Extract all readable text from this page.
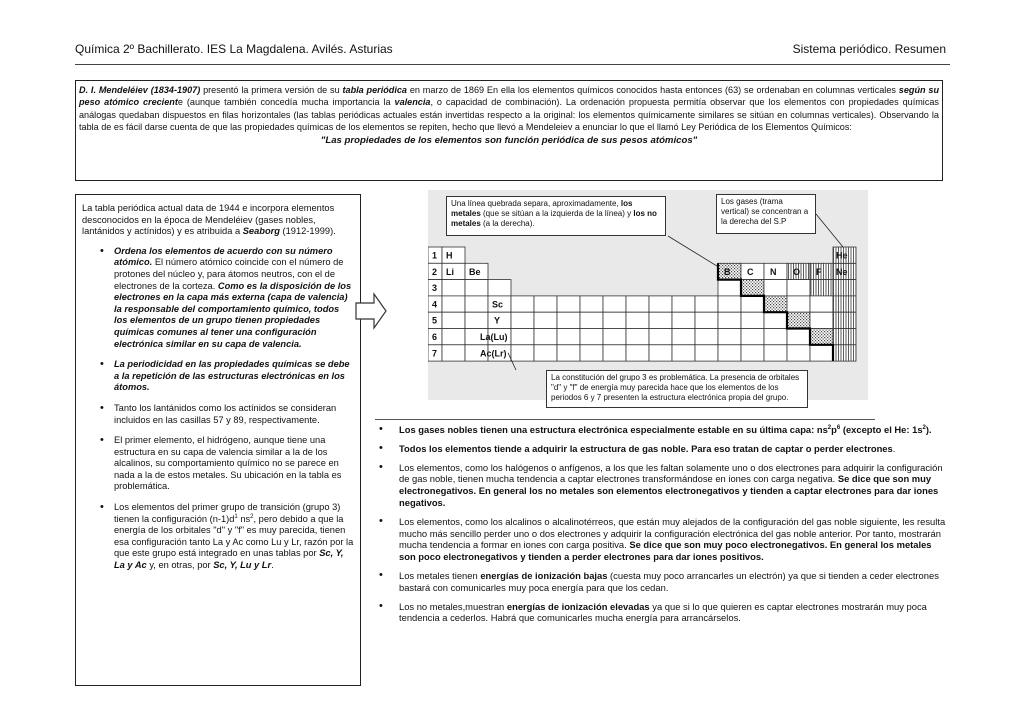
Química 2º Bachillerato. IES La Magdalena. Avilés. Asturias	Sistema periódico. Resumen
D. I. Mendeléiev (1834-1907) presentó la primera versión de su tabla periódica en marzo de 1869 En ella los elementos químicos conocidos hasta entonces (63) se ordenaban en columnas verticales según su peso atómico creciente (aunque también concedía mucha importancia la valencia, o capacidad de combinación). La ordenación propuesta permitía observar que los elementos con propiedades químicas análogas quedaban dispuestos en filas horizontales (las tablas periódicas actuales están invertidas respecto a la original: los elementos químicamente similares se sitúan en columnas verticales). Observando la tabla de es fácil darse cuenta de que las propiedades químicas de los elementos se repiten, hecho que llevó a Mendeleiev a enunciar lo que el llamó Ley Periódica de los Elementos Químicos:
"Las propiedades de los elementos son función periódica de sus pesos atómicos"

La tabla periódica actual data de 1944 e incorpora elementos desconocidos en la época de Mendeléiev (gases nobles, lantánidos y actínidos) y es atribuida a Seaborg (1912-1999).

• Ordena los elementos de acuerdo con su número atómico. El número atómico coincide con el número de protones del núcleo y, para átomos neutros, con el de electrones de la corteza. Como es la disposición de los electrones en la capa más externa (capa de valencia) la responsable del comportamiento químico, todos los elementos de un grupo tienen propiedades químicas comunes al tener una configuración electrónica similar en su capa de valencia.
• La periodicidad en las propiedades químicas se debe a la repetición de las estructuras electrónicas en los átomos.
• Tanto los lantánidos como los actínidos se consideran incluidos en las casillas 57 y 89, respectivamente.
• El primer elemento, el hidrógeno, aunque tiene una estructura en su capa de valencia similar a la de los alcalinos, su comportamiento químico no se parece en nada a la de estos metales. Su ubicación en la tabla es problemática.
• Los elementos del primer grupo de transición (grupo 3) tienen la configuración $(n-1)d^1$ $ns^2$, pero debido a que la energía de los orbitales "d" y "f" es muy parecida, tienen esa configuración tanto La y Ac como Lu y Lr, razón por la que este grupo está integrado en unas tablas por Sc, Y, La y Ac y, en otras, por Sc, Y, Lu y Lr.
1
2
3
4
5
6
7
H
Li Be
Sc
Y
La(Lu)
Ac(Lr)
B C N O F
He
Ne
Una línea quebrada separa, aproximadamente, los metales (que se sitúan a la izquierda de la línea) y los no metales (a la derecha).
Los gases (trama vertical) se concentran a la derecha del S.P
La constitución del grupo 3 es problemática. La presencia de orbitales "d" y "f" de energía muy parecida hace que los elementos de los periodos 6 y 7 presenten la estructura electrónica propia del grupo.
• Los gases nobles tienen una estructura electrónica especialmente estable en su última capa: $ns^2p^6$ (excepto el He: $1s^2$).
• Todos los elementos tiende a adquirir la estructura de gas noble. Para eso tratan de captar o perder electrones.
• Los elementos, como los halógenos o anfígenos, a los que les faltan solamente uno o dos electrones para adquirir la configuración de gas noble, tienen mucha tendencia a captar electrones transformándose en iones con carga negativa. Se dice que son muy electronegativos. En general los no metales son elementos electronegativos y tienden a captar electrones para dar iones negativos.
• Los elementos, como los alcalinos o alcalinotérreos, que están muy alejados de la configuración del gas noble siguiente, les resulta mucho más sencillo perder uno o dos electrones y adquirir la configuración electrónica del gas noble anterior. Por tanto, mostrarán mucha tendencia a formar en iones con carga positiva. Se dice que son muy poco electronegativos. En general los metales son poco electronegativos y tienden a perder electrones para dar iones positivos.
• Los metales tienen energías de ionización bajas (cuesta muy poco arrancarles un electrón) ya que si tienden a ceder electrones bastará con comunicarles muy poca energía para que los cedan.
• Los no metales,muestran energías de ionización elevadas ya que si lo que quieren es captar electrones mostrarán muy poca tendencia a cederlos. Habrá que comunicarles mucha energía para arrancárselos.
